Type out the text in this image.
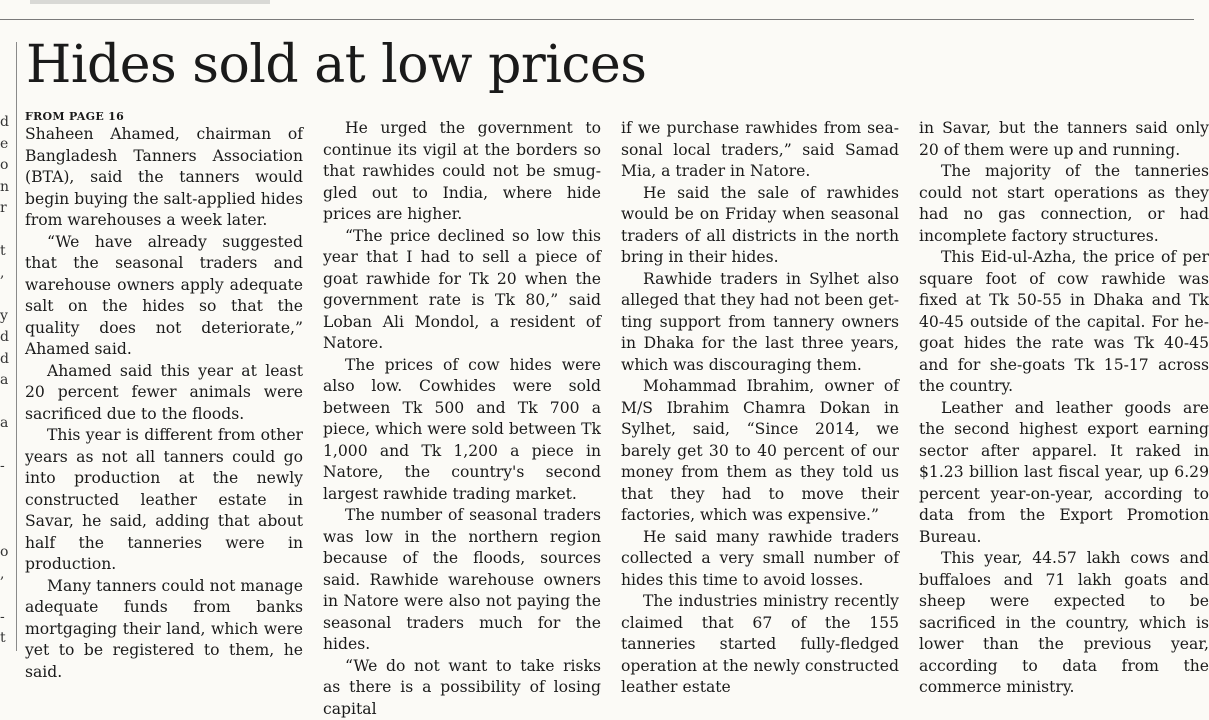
d
e
o
n
r
t
,
y
d
d
a
a
-
o
,
-
t
Hides sold at low prices
FROM PAGE 16

Shaheen Ahamed, chairman of Bangladesh Tanners Association (BTA), said the tanners would begin buying the salt-applied hides from warehouses a week later.

“We have already suggested that the seasonal traders and warehouse owners apply adequate salt on the hides so that the quality does not deteriorate,” Ahamed said.

Ahamed said this year at least 20 percent fewer animals were sacrificed due to the floods.

This year is different from other years as not all tanners could go into production at the newly constructed leather estate in Savar, he said, adding that about half the tanneries were in production.

Many tanners could not manage adequate funds from banks mortgaging their land, which were yet to be registered to them, he said.

He urged the government to continue its vigil at the borders so that rawhides could not be smuggled out to India, where hide prices are higher.

“The price declined so low this year that I had to sell a piece of goat rawhide for Tk 20 when the government rate is Tk 80,” said Loban Ali Mondol, a resident of Natore.

The prices of cow hides were also low. Cowhides were sold between Tk 500 and Tk 700 a piece, which were sold between Tk 1,000 and Tk 1,200 a piece in Natore, the country's second largest rawhide trading market.

The number of seasonal traders was low in the northern region because of the floods, sources said. Rawhide warehouse owners in Natore were also not paying the seasonal traders much for the hides.

“We do not want to take risks as there is a possibility of losing capital

if we purchase rawhides from seasonal local traders,” said Samad Mia, a trader in Natore.

He said the sale of rawhides would be on Friday when seasonal traders of all districts in the north bring in their hides.

Rawhide traders in Sylhet also alleged that they had not been getting support from tannery owners in Dhaka for the last three years, which was discouraging them.

Mohammad Ibrahim, owner of M/S Ibrahim Chamra Dokan in Sylhet, said, “Since 2014, we barely get 30 to 40 percent of our money from them as they told us that they had to move their factories, which was expensive.”

He said many rawhide traders collected a very small number of hides this time to avoid losses.

The industries ministry recently claimed that 67 of the 155 tanneries started fully-fledged operation at the newly constructed leather estate

in Savar, but the tanners said only 20 of them were up and running.

The majority of the tanneries could not start operations as they had no gas connection, or had incomplete factory structures.

This Eid-ul-Azha, the price of per square foot of cow rawhide was fixed at Tk 50-55 in Dhaka and Tk 40-45 outside of the capital. For he-goat hides the rate was Tk 40-45 and for she-goats Tk 15-17 across the country.

Leather and leather goods are the second highest export earning sector after apparel. It raked in $1.23 billion last fiscal year, up 6.29 percent year-on-year, according to data from the Export Promotion Bureau.

This year, 44.57 lakh cows and buffaloes and 71 lakh goats and sheep were expected to be sacrificed in the country, which is lower than the previous year, according to data from the commerce ministry.
